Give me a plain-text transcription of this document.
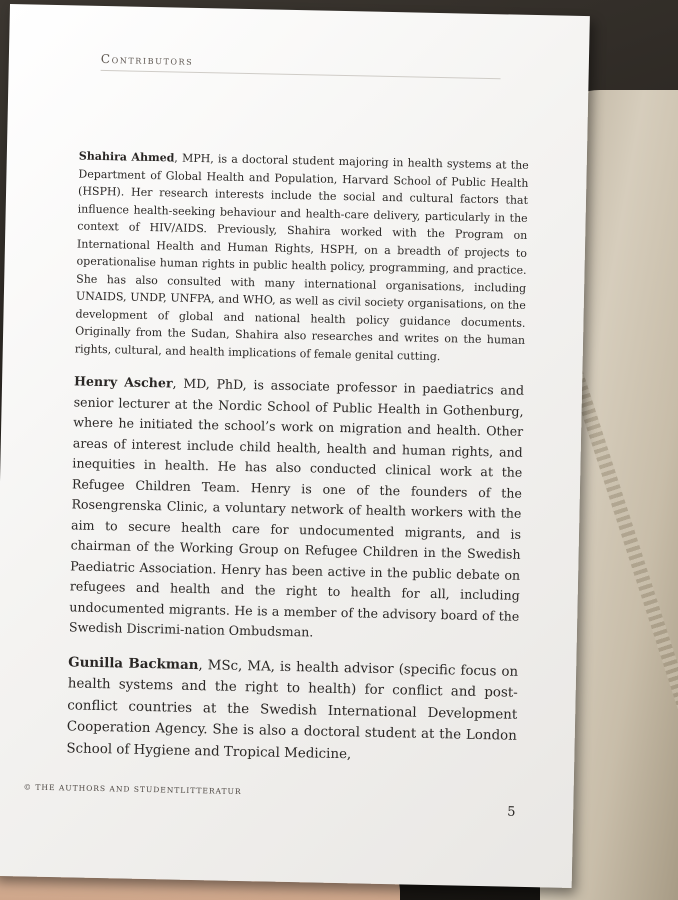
Contributors

Shahira Ahmed, MPH, is a doctoral student majoring in health systems at the Department of Global Health and Population, Harvard School of Public Health (HSPH). Her research interests include the social and cultural factors that influence health-seeking behaviour and health-care delivery, particularly in the context of HIV/AIDS. Previously, Shahira worked with the Program on International Health and Human Rights, HSPH, on a breadth of projects to operationalise human rights in public health policy, programming, and practice. She has also consulted with many international organisations, including UNAIDS, UNDP, UNFPA, and WHO, as well as civil society organisations, on the development of global and national health policy guidance documents. Originally from the Sudan, Shahira also researches and writes on the human rights, cultural, and health implications of female genital cutting.

Henry Ascher, MD, PhD, is associate professor in paediatrics and senior lecturer at the Nordic School of Public Health in Gothenburg, where he initiated the school’s work on migration and health. Other areas of interest include child health, health and human rights, and inequities in health. He has also conducted clinical work at the Refugee Children Team. Henry is one of the founders of the Rosengrenska Clinic, a voluntary network of health workers with the aim to secure health care for undocumented migrants, and is chairman of the Working Group on Refugee Children in the Swedish Paediatric Association. Henry has been active in the public debate on refugees and health and the right to health for all, including undocumented migrants. He is a member of the advisory board of the Swedish Discrimi-nation Ombudsman.

Gunilla Backman, MSc, MA, is health advisor (specific focus on health systems and the right to health) for conflict and post-conflict countries at the Swedish International Development Cooperation Agency. She is also a doctoral student at the London School of Hygiene and Tropical Medicine,

© THE AUTHORS AND STUDENTLITTERATUR
5
